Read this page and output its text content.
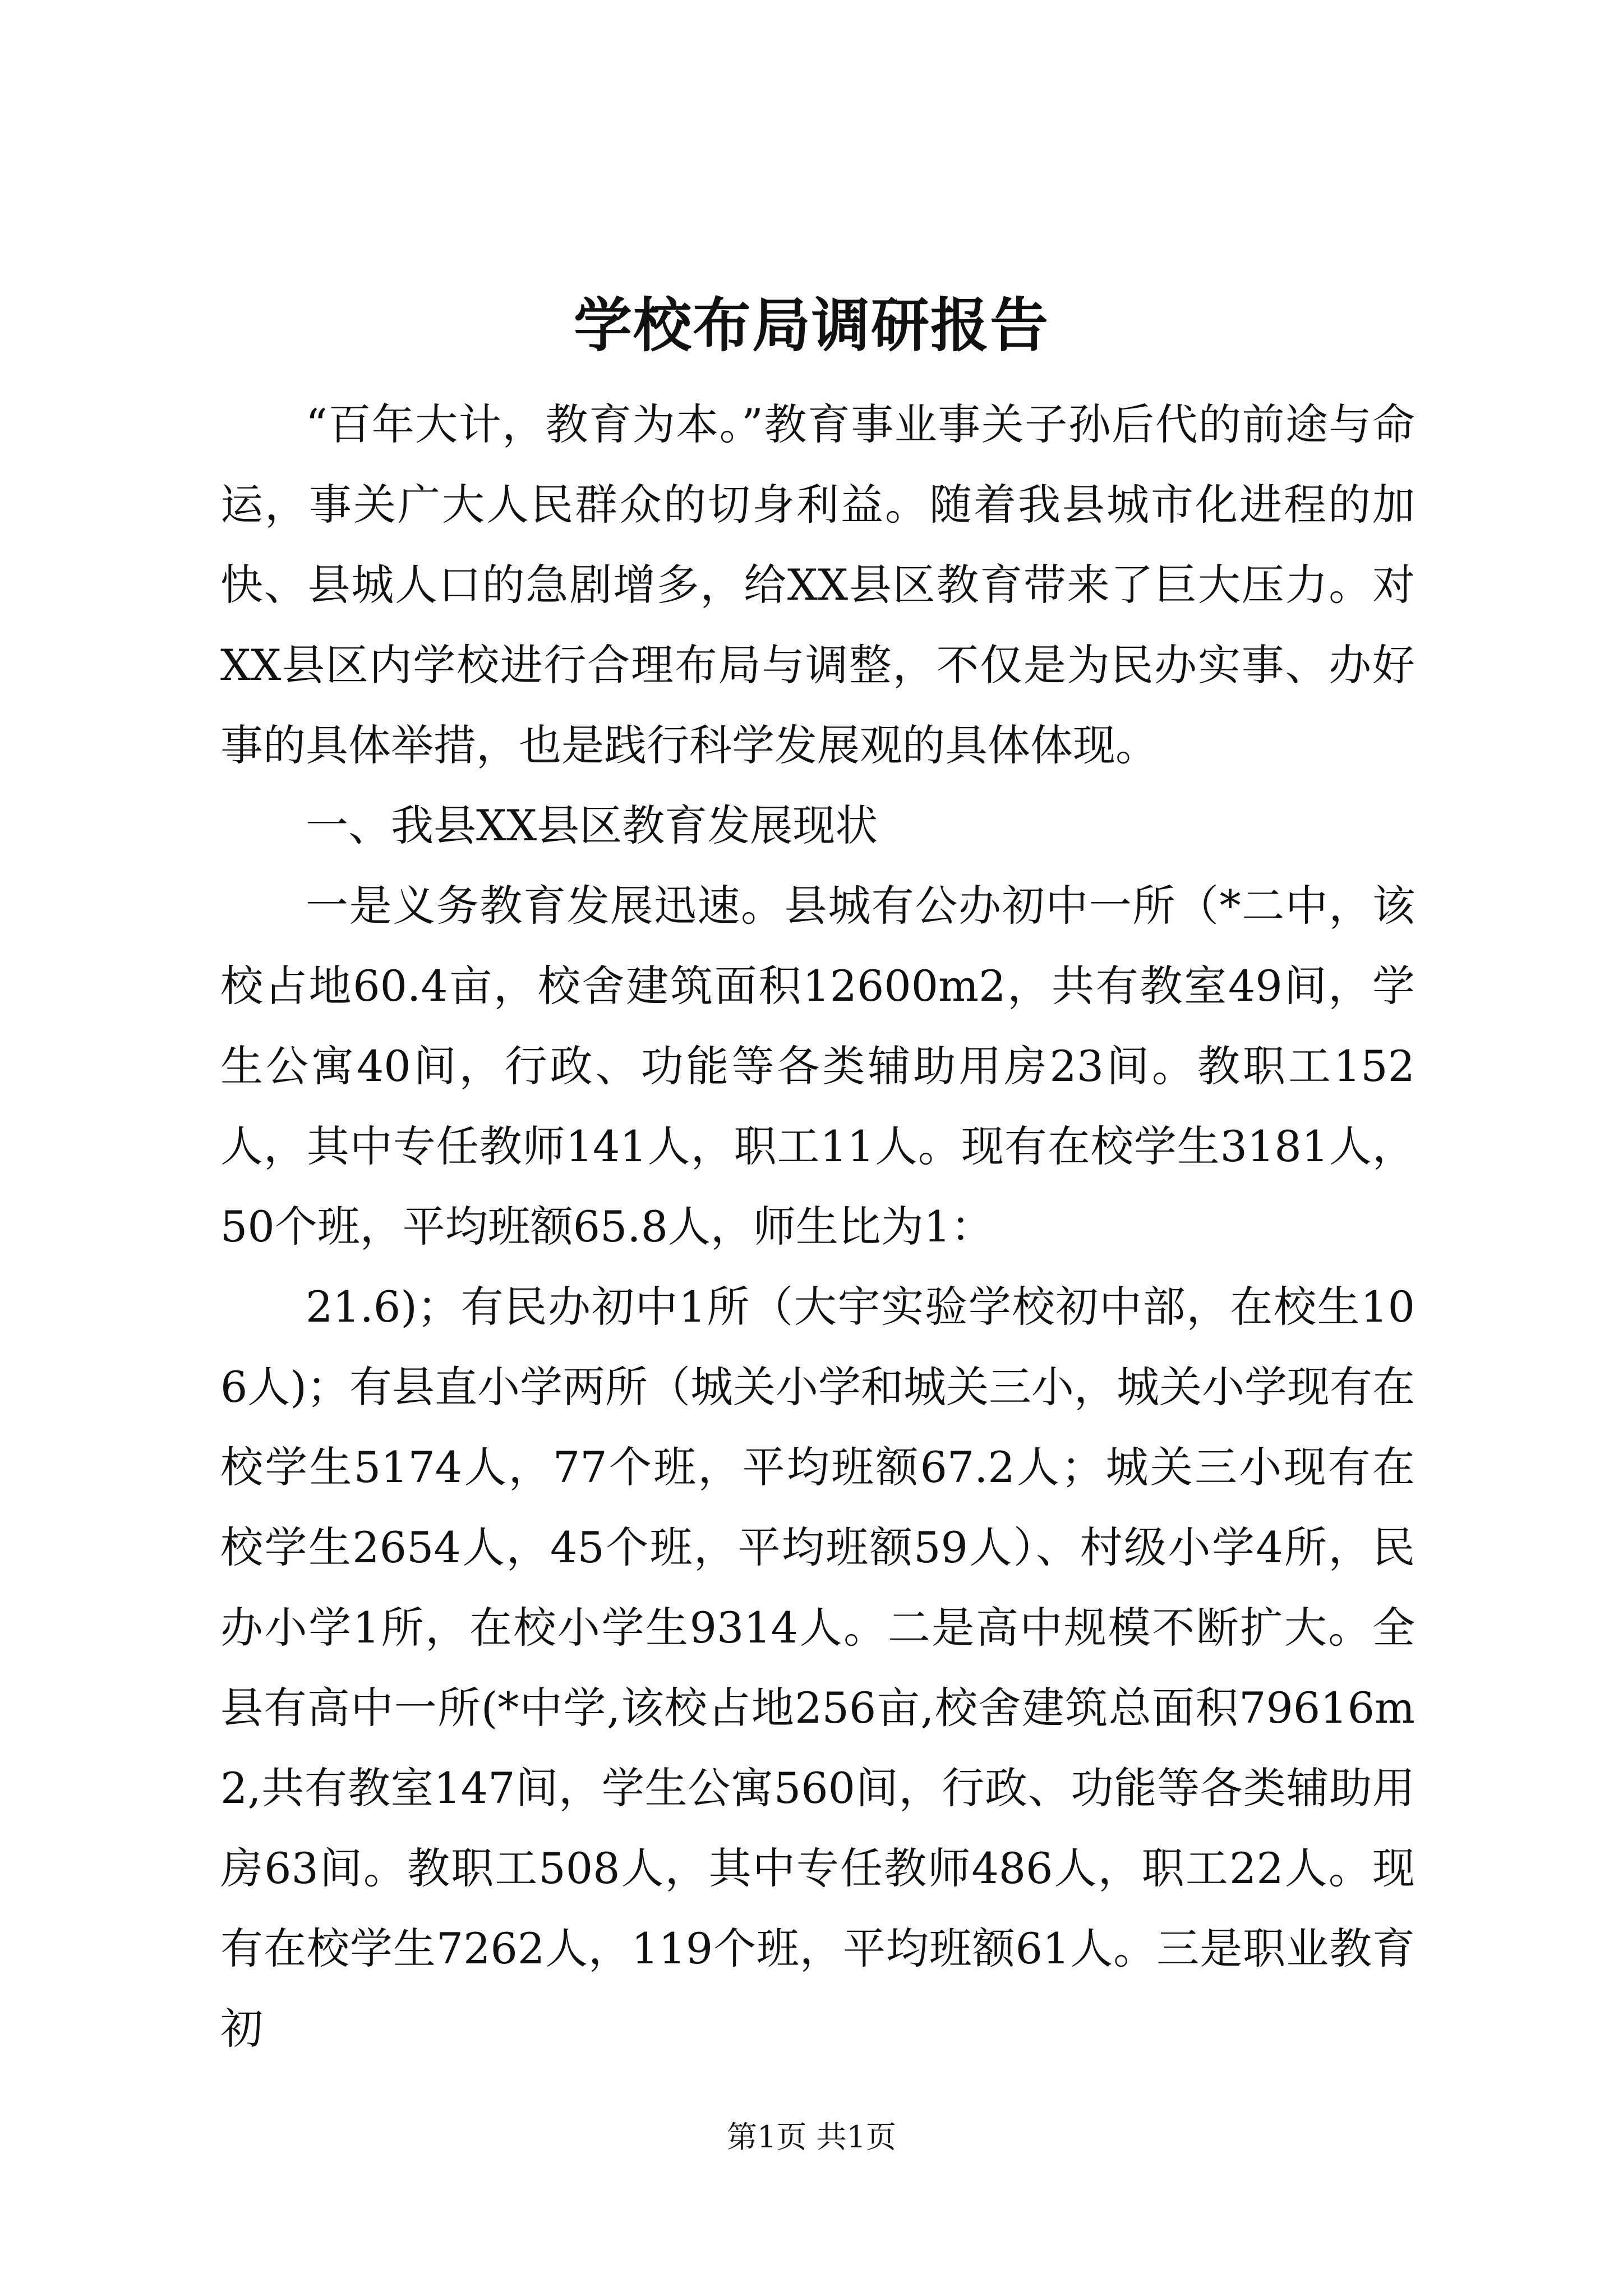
学校布局调研报告

“百年大计，教育为本。”教育事业事关子孙后代的前途与命运，事关广大人民群众的切身利益。随着我县城市化进程的加快、县城人口的急剧增多，给XX县区教育带来了巨大压力。对XX县区内学校进行合理布局与调整，不仅是为民办实事、办好事的具体举措，也是践行科学发展观的具体体现。

一、我县XX县区教育发展现状

一是义务教育发展迅速。县城有公办初中一所（*二中，该校占地60.4亩，校舍建筑面积12600m2，共有教室49间，学生公寓40间，行政、功能等各类辅助用房23间。教职工152人，其中专任教师141人，职工11人。现有在校学生3181人，50个班，平均班额65.8人，师生比为1：

21.6)；有民办初中1所（大宇实验学校初中部，在校生106人)；有县直小学两所（城关小学和城关三小，城关小学现有在校学生5174人，77个班，平均班额67.2人；城关三小现有在校学生2654人，45个班，平均班额59人）、村级小学4所，民办小学1所，在校小学生9314人。二是高中规模不断扩大。全县有高中一所(*中学,该校占地256亩,校舍建筑总面积79616m2,共有教室147间，学生公寓560间，行政、功能等各类辅助用房63间。教职工508人，其中专任教师486人，职工22人。现有在校学生7262人，119个班，平均班额61人。三是职业教育初

第1页 共1页
